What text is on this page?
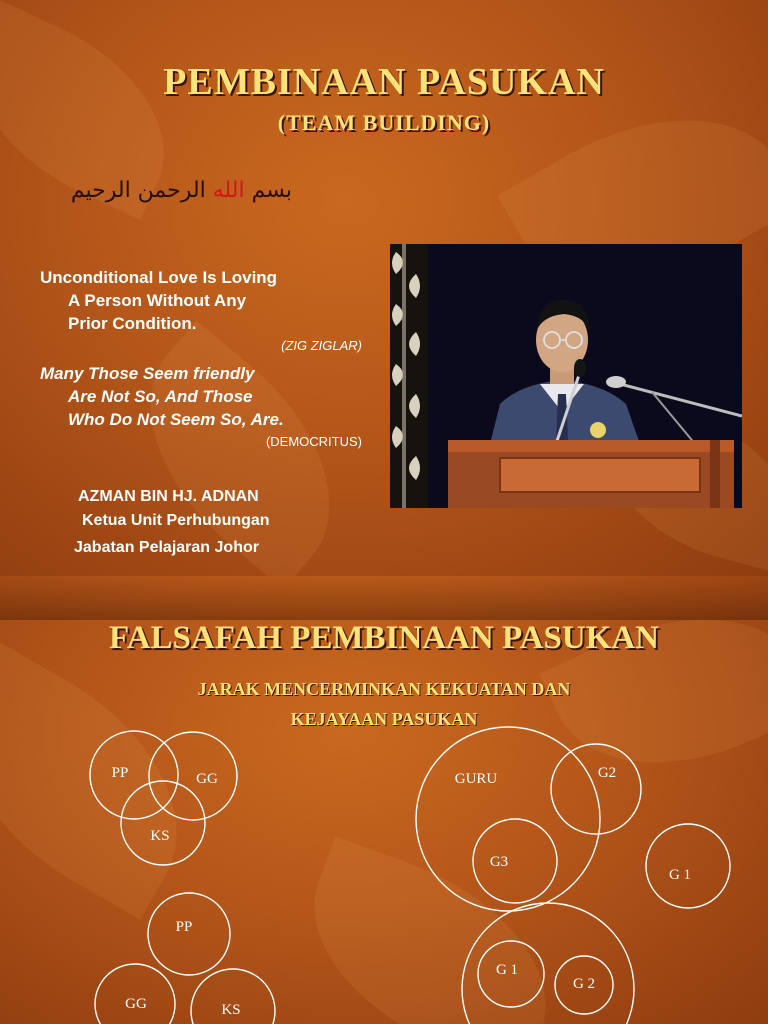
PEMBINAAN PASUKAN
(TEAM BUILDING)
بسم الله الرحمن الرحيم
Unconditional Love Is Loving
A Person Without Any
Prior Condition.
(ZIG ZIGLAR)
Many Those Seem friendly
Are Not So, And Those
Who Do Not Seem So, Are.
(DEMOCRITUS)
AZMAN BIN HJ. ADNAN
Ketua Unit Perhubungan
Jabatan Pelajaran Johor
FALSAFAH PEMBINAAN PASUKAN
JARAK MENCERMINKAN KEKUATAN DAN
KEJAYAAN PASUKAN
PP	GG
KS
GURU	G2
G3
G 1
PP
GG	KS
G 1
G 2
